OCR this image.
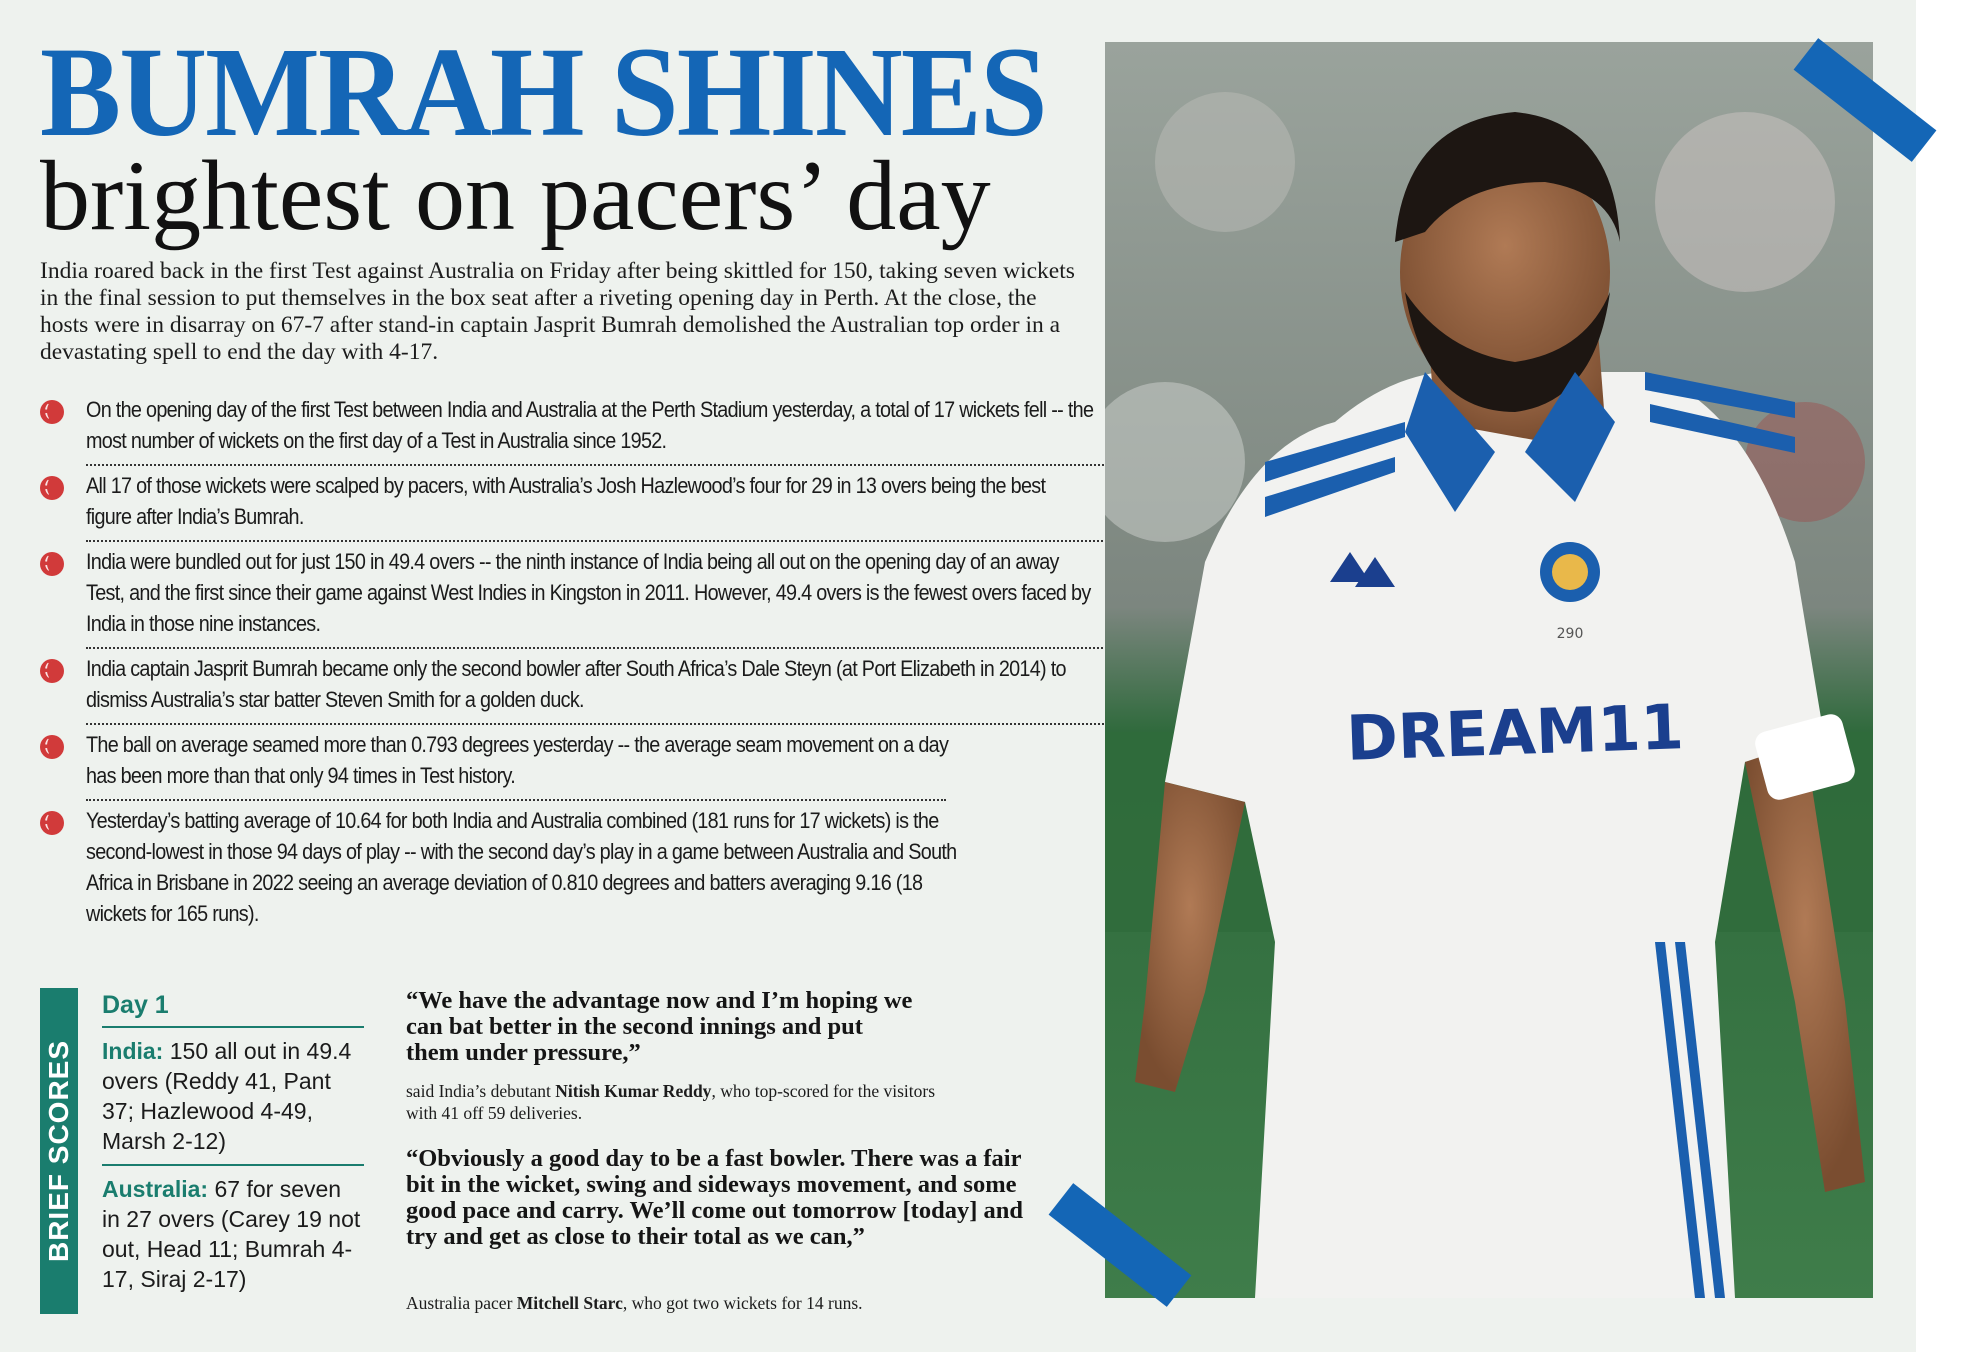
BUMRAH SHINES
brightest on pacers’ day
India roared back in the first Test against Australia on Friday after being skittled for 150, taking seven wickets in the final session to put themselves in the box seat after a riveting opening day in Perth. At the close, the hosts were in disarray on 67-7 after stand-in captain Jasprit Bumrah demolished the Australian top order in a devastating spell to end the day with 4-17.
On the opening day of the first Test between India and Australia at the Perth Stadium yesterday, a total of 17 wickets fell -- the most number of wickets on the first day of a Test in Australia since 1952.
All 17 of those wickets were scalped by pacers, with Australia’s Josh Hazlewood’s four for 29 in 13 overs being the best figure after India’s Bumrah.
India were bundled out for just 150 in 49.4 overs -- the ninth instance of India being all out on the opening day of an away Test, and the first since their game against West Indies in Kingston in 2011. However, 49.4 overs is the fewest overs faced by India in those nine instances.
India captain Jasprit Bumrah became only the second bowler after South Africa’s Dale Steyn (at Port Elizabeth in 2014) to dismiss Australia’s star batter Steven Smith for a golden duck.
The ball on average seamed more than 0.793 degrees yesterday -- the average seam movement on a day has been more than that only 94 times in Test history.
Yesterday’s batting average of 10.64 for both India and Australia combined (181 runs for 17 wickets) is the second-lowest in those 94 days of play -- with the second day’s play in a game between Australia and South Africa in Brisbane in 2022 seeing an average deviation of 0.810 degrees and batters averaging 9.16 (18 wickets for 165 runs).
BRIEF SCORES
Day 1
India: 150 all out in 49.4 overs (Reddy 41, Pant 37; Hazlewood 4-49, Marsh 2-12)
Australia: 67 for seven in 27 overs (Carey 19 not out, Head 11; Bumrah 4-17, Siraj 2-17)
“We have the advantage now and I’m hoping we can bat better in the second innings and put them under pressure,”
said India’s debutant Nitish Kumar Reddy, who top-scored for the visitors with 41 off 59 deliveries.
“Obviously a good day to be a fast bowler. There was a fair bit in the wicket, swing and sideways movement, and some good pace and carry. We’ll come out tomorrow [today] and try and get as close to their total as we can,”
Australia pacer Mitchell Starc, who got two wickets for 14 runs.
290
DREAM11
